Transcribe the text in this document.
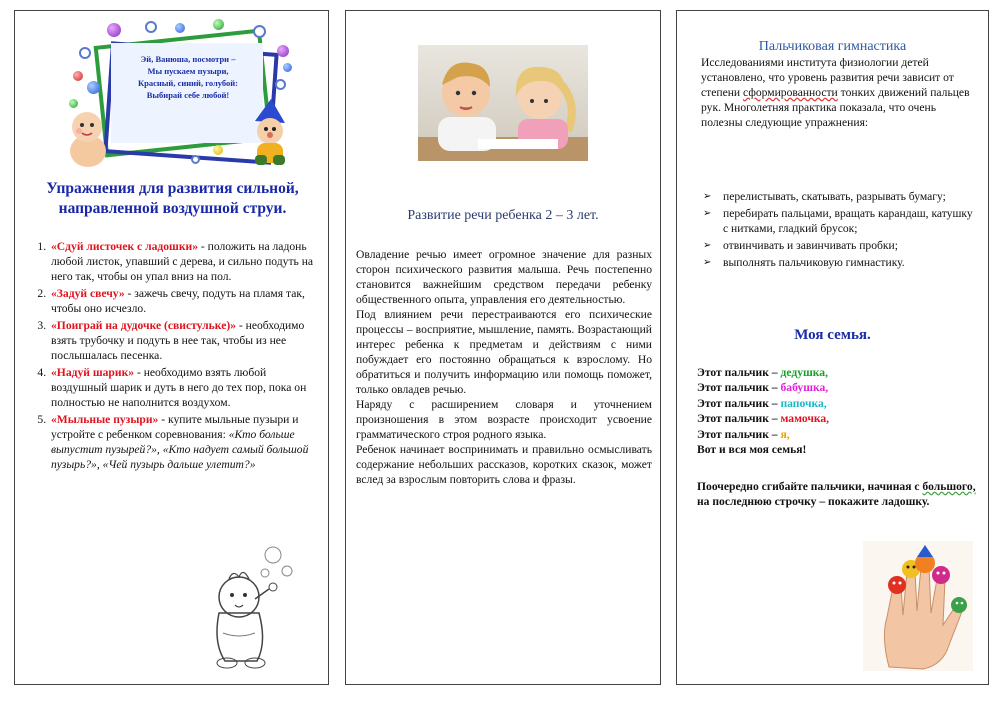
Эй, Ванюша, посмотри –
Мы пускаем пузыри,
Красный, синий, голубой:
Выбирай себе любой!
Упражнения для развития сильной, направленной воздушной струи.
1. «Сдуй листочек с ладошки» - положить на ладонь любой листок, упавший с дерева, и сильно подуть на него так, чтобы он упал вниз на пол.
2. «Задуй свечу» - зажечь свечу, подуть на пламя так, чтобы оно исчезло.
3. «Поиграй на дудочке (свистульке)» - необходимо взять трубочку и подуть в нее так, чтобы из нее послышалась песенка.
4. «Надуй шарик» - необходимо взять любой воздушный шарик и дуть в него до тех пор, пока он полностью не наполнится воздухом.
5. «Мыльные пузыри» - купите мыльные пузыри и устройте с ребенком соревнования: «Кто больше выпустит пузырей?», «Кто надует самый большой пузырь?», «Чей пузырь дальше улетит?»
Развитие речи ребенка 2 – 3 лет.

Овладение речью имеет огромное значение для разных сторон психического развития малыша. Речь постепенно становится важнейшим средством передачи ребенку общественного опыта, управления его деятельностью.

Под влиянием речи перестраиваются его психические процессы – восприятие, мышление, память. Возрастающий интерес ребенка к предметам и действиям с ними побуждает его постоянно обращаться к взрослому. Но обратиться и получить информацию или помощь поможет, только овладев речью.

Наряду с расширением словаря и уточнением произношения в этом возрасте происходит усвоение грамматического строя родного языка.

Ребенок начинает воспринимать и правильно осмысливать содержание небольших рассказов, коротких сказок, может вслед за взрослым повторить слова и фразы.

Пальчиковая гимнастика
Исследованиями института физиологии детей установлено, что уровень развития речи зависит от степени сформированности тонких движений пальцев рук. Многолетняя практика показала, что очень полезны следующие упражнения:
➢ перелистывать, скатывать, разрывать бумагу;
➢ перебирать пальцами, вращать карандаш, катушку с нитками, гладкий брусок;
➢ отвинчивать и завинчивать пробки;
➢ выполнять пальчиковую гимнастику.
Моя семья.
Этот пальчик – дедушка,
Этот пальчик – бабушка,
Этот пальчик – папочка,
Этот пальчик – мамочка,
Этот пальчик – я,
Вот и вся моя семья!
Поочередно сгибайте пальчики, начиная с большого, на последнюю строчку – покажите ладошку.
